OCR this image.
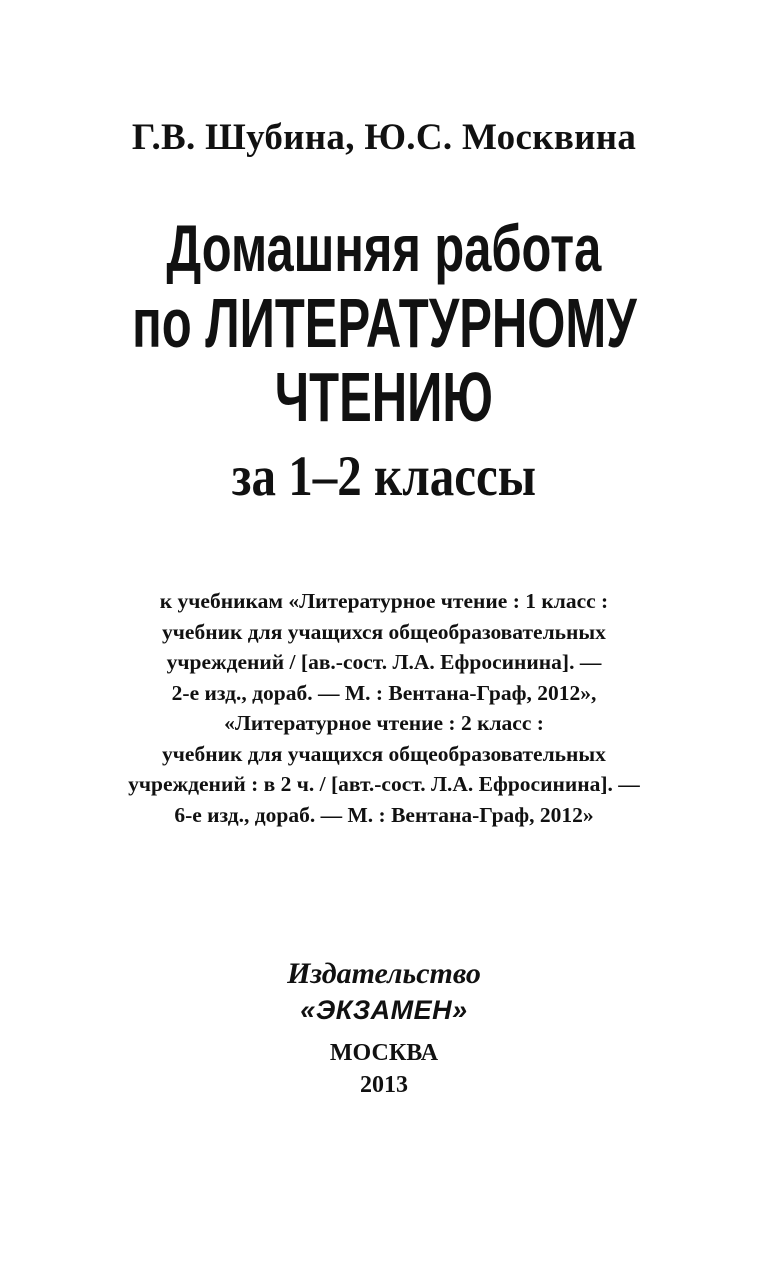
Г.В. Шубина, Ю.С. Москвина
Домашняя работа
по ЛИТЕРАТУРНОМУ
ЧТЕНИЮ
за 1–2 классы
к учебникам «Литературное чтение : 1 класс :
учебник для учащихся общеобразовательных
учреждений / [ав.-сост. Л.А. Ефросинина]. —
2-е изд., дораб. — М. : Вентана-Граф, 2012»,
«Литературное чтение : 2 класс :
учебник для учащихся общеобразовательных
учреждений : в 2 ч. / [авт.-сост. Л.А. Ефросинина]. —
6-е изд., дораб. — М. : Вентана-Граф, 2012»
Издательство
«ЭКЗАМЕН»
МОСКВА
2013
